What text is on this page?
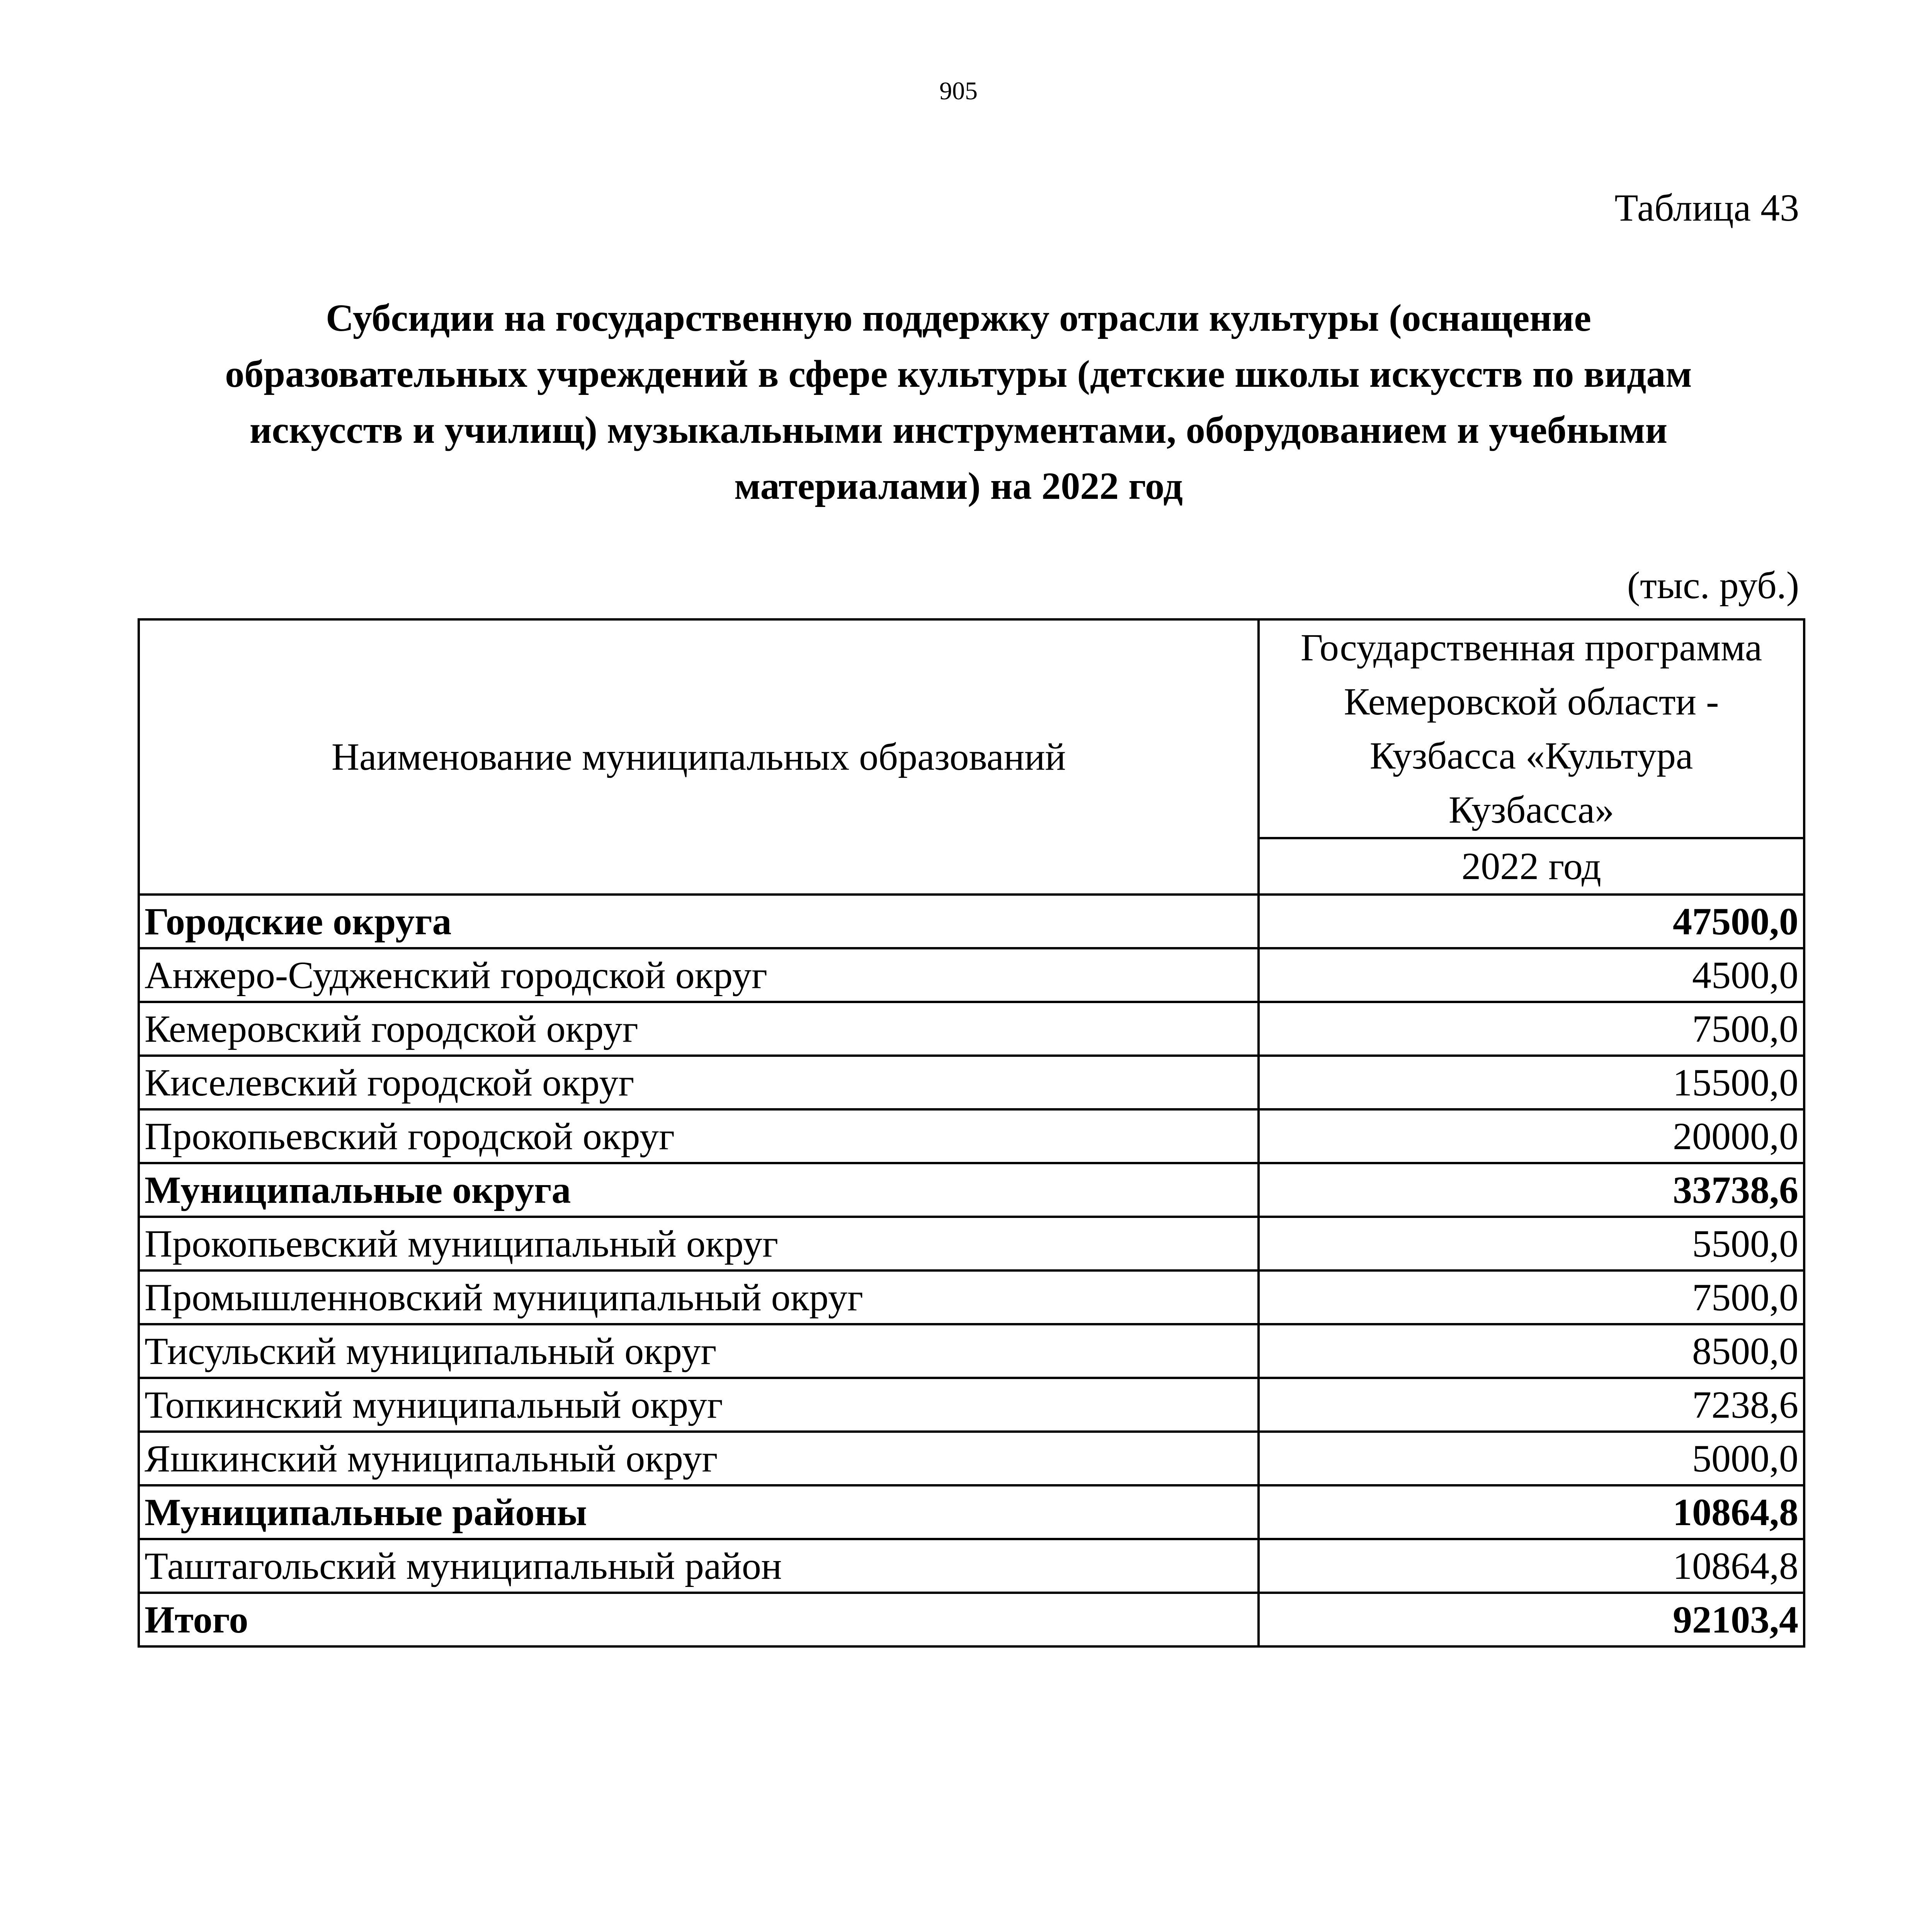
905
Таблица 43
Субсидии на государственную поддержку отрасли культуры (оснащение
образовательных учреждений в сфере культуры (детские школы искусств по видам
искусств и училищ) музыкальными инструментами, оборудованием и учебными
материалами) на 2022 год
(тыс. руб.)
Наименование муниципальных образований	Государственная программа
Кемеровской области -
Кузбасса «Культура
Кузбасса»

	2022 год
Городские округа	47500,0
Анжеро-Судженский городской округ	4500,0
Кемеровский городской округ	7500,0
Киселевский городской округ	15500,0
Прокопьевский городской округ	20000,0
Муниципальные округа	33738,6
Прокопьевский муниципальный округ	5500,0
Промышленновский муниципальный округ	7500,0
Тисульский муниципальный округ	8500,0
Топкинский муниципальный округ	7238,6
Яшкинский муниципальный округ	5000,0
Муниципальные районы	10864,8
Таштагольский муниципальный район	10864,8
Итого	92103,4
